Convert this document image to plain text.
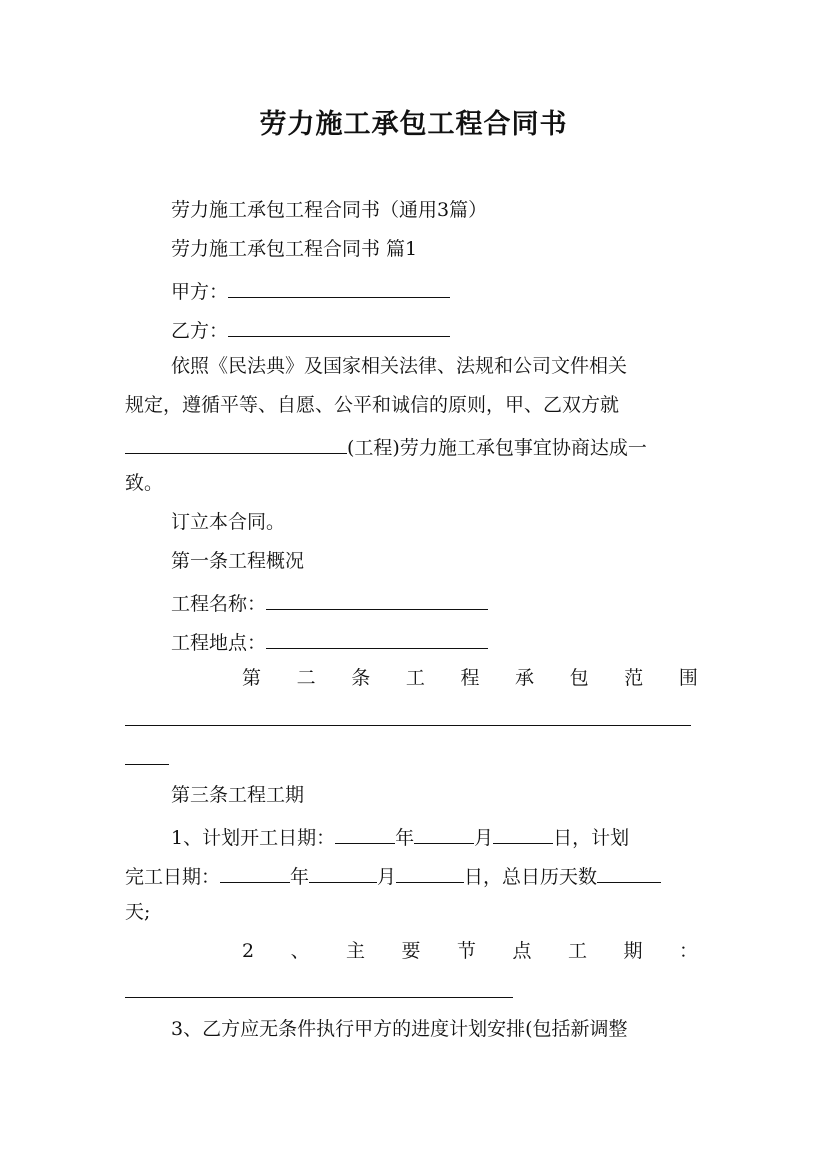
劳力施工承包工程合同书
劳力施工承包工程合同书（通用3篇）
劳力施工承包工程合同书 篇1
甲方：
乙方：
依照《民法典》及国家相关法律、法规和公司文件相关
规定，遵循平等、自愿、公平和诚信的原则，甲、乙双方就
(工程)劳力施工承包事宜协商达成一
致。
订立本合同。
第一条工程概况
工程名称：
工程地点：
第 二 条 工 程 承 包 范 围
第三条工程工期
1、计划开工日期：	年	月	日，计划
完工日期：	年	月	日，总日历天数
天;
2 、 主 要 节 点 工 期 ：
3、乙方应无条件执行甲方的进度计划安排(包括新调整
